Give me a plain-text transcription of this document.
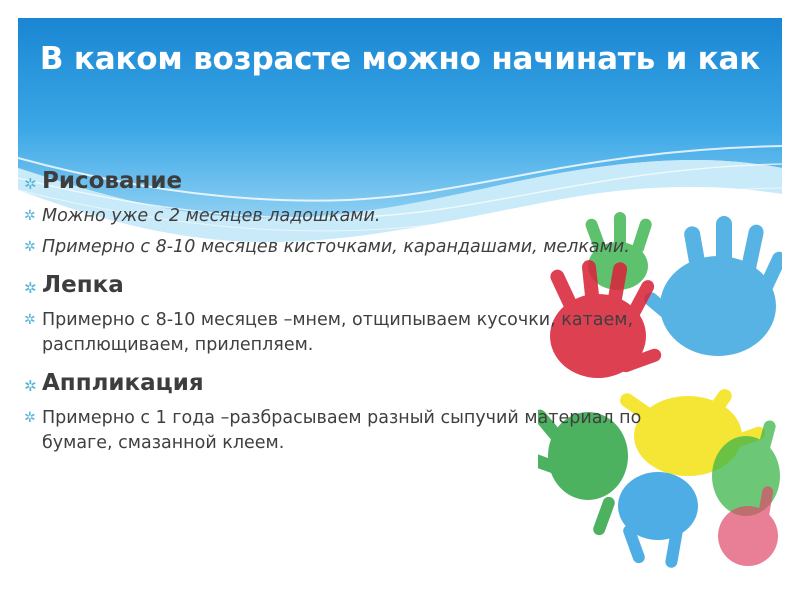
В каком возрасте можно начинать и как
✲ Рисование
✲ Можно уже с 2 месяцев ладошками.
✲ Примерно с 8-10 месяцев кисточками, карандашами, мелками.
✲ Лепка
✲ Примерно с 8-10 месяцев –мнем, отщипываем кусочки, катаем, расплющиваем, прилепляем.
✲ Аппликация
✲ Примерно с 1 года –разбрасываем разный сыпучий материал по бумаге, смазанной клеем.
